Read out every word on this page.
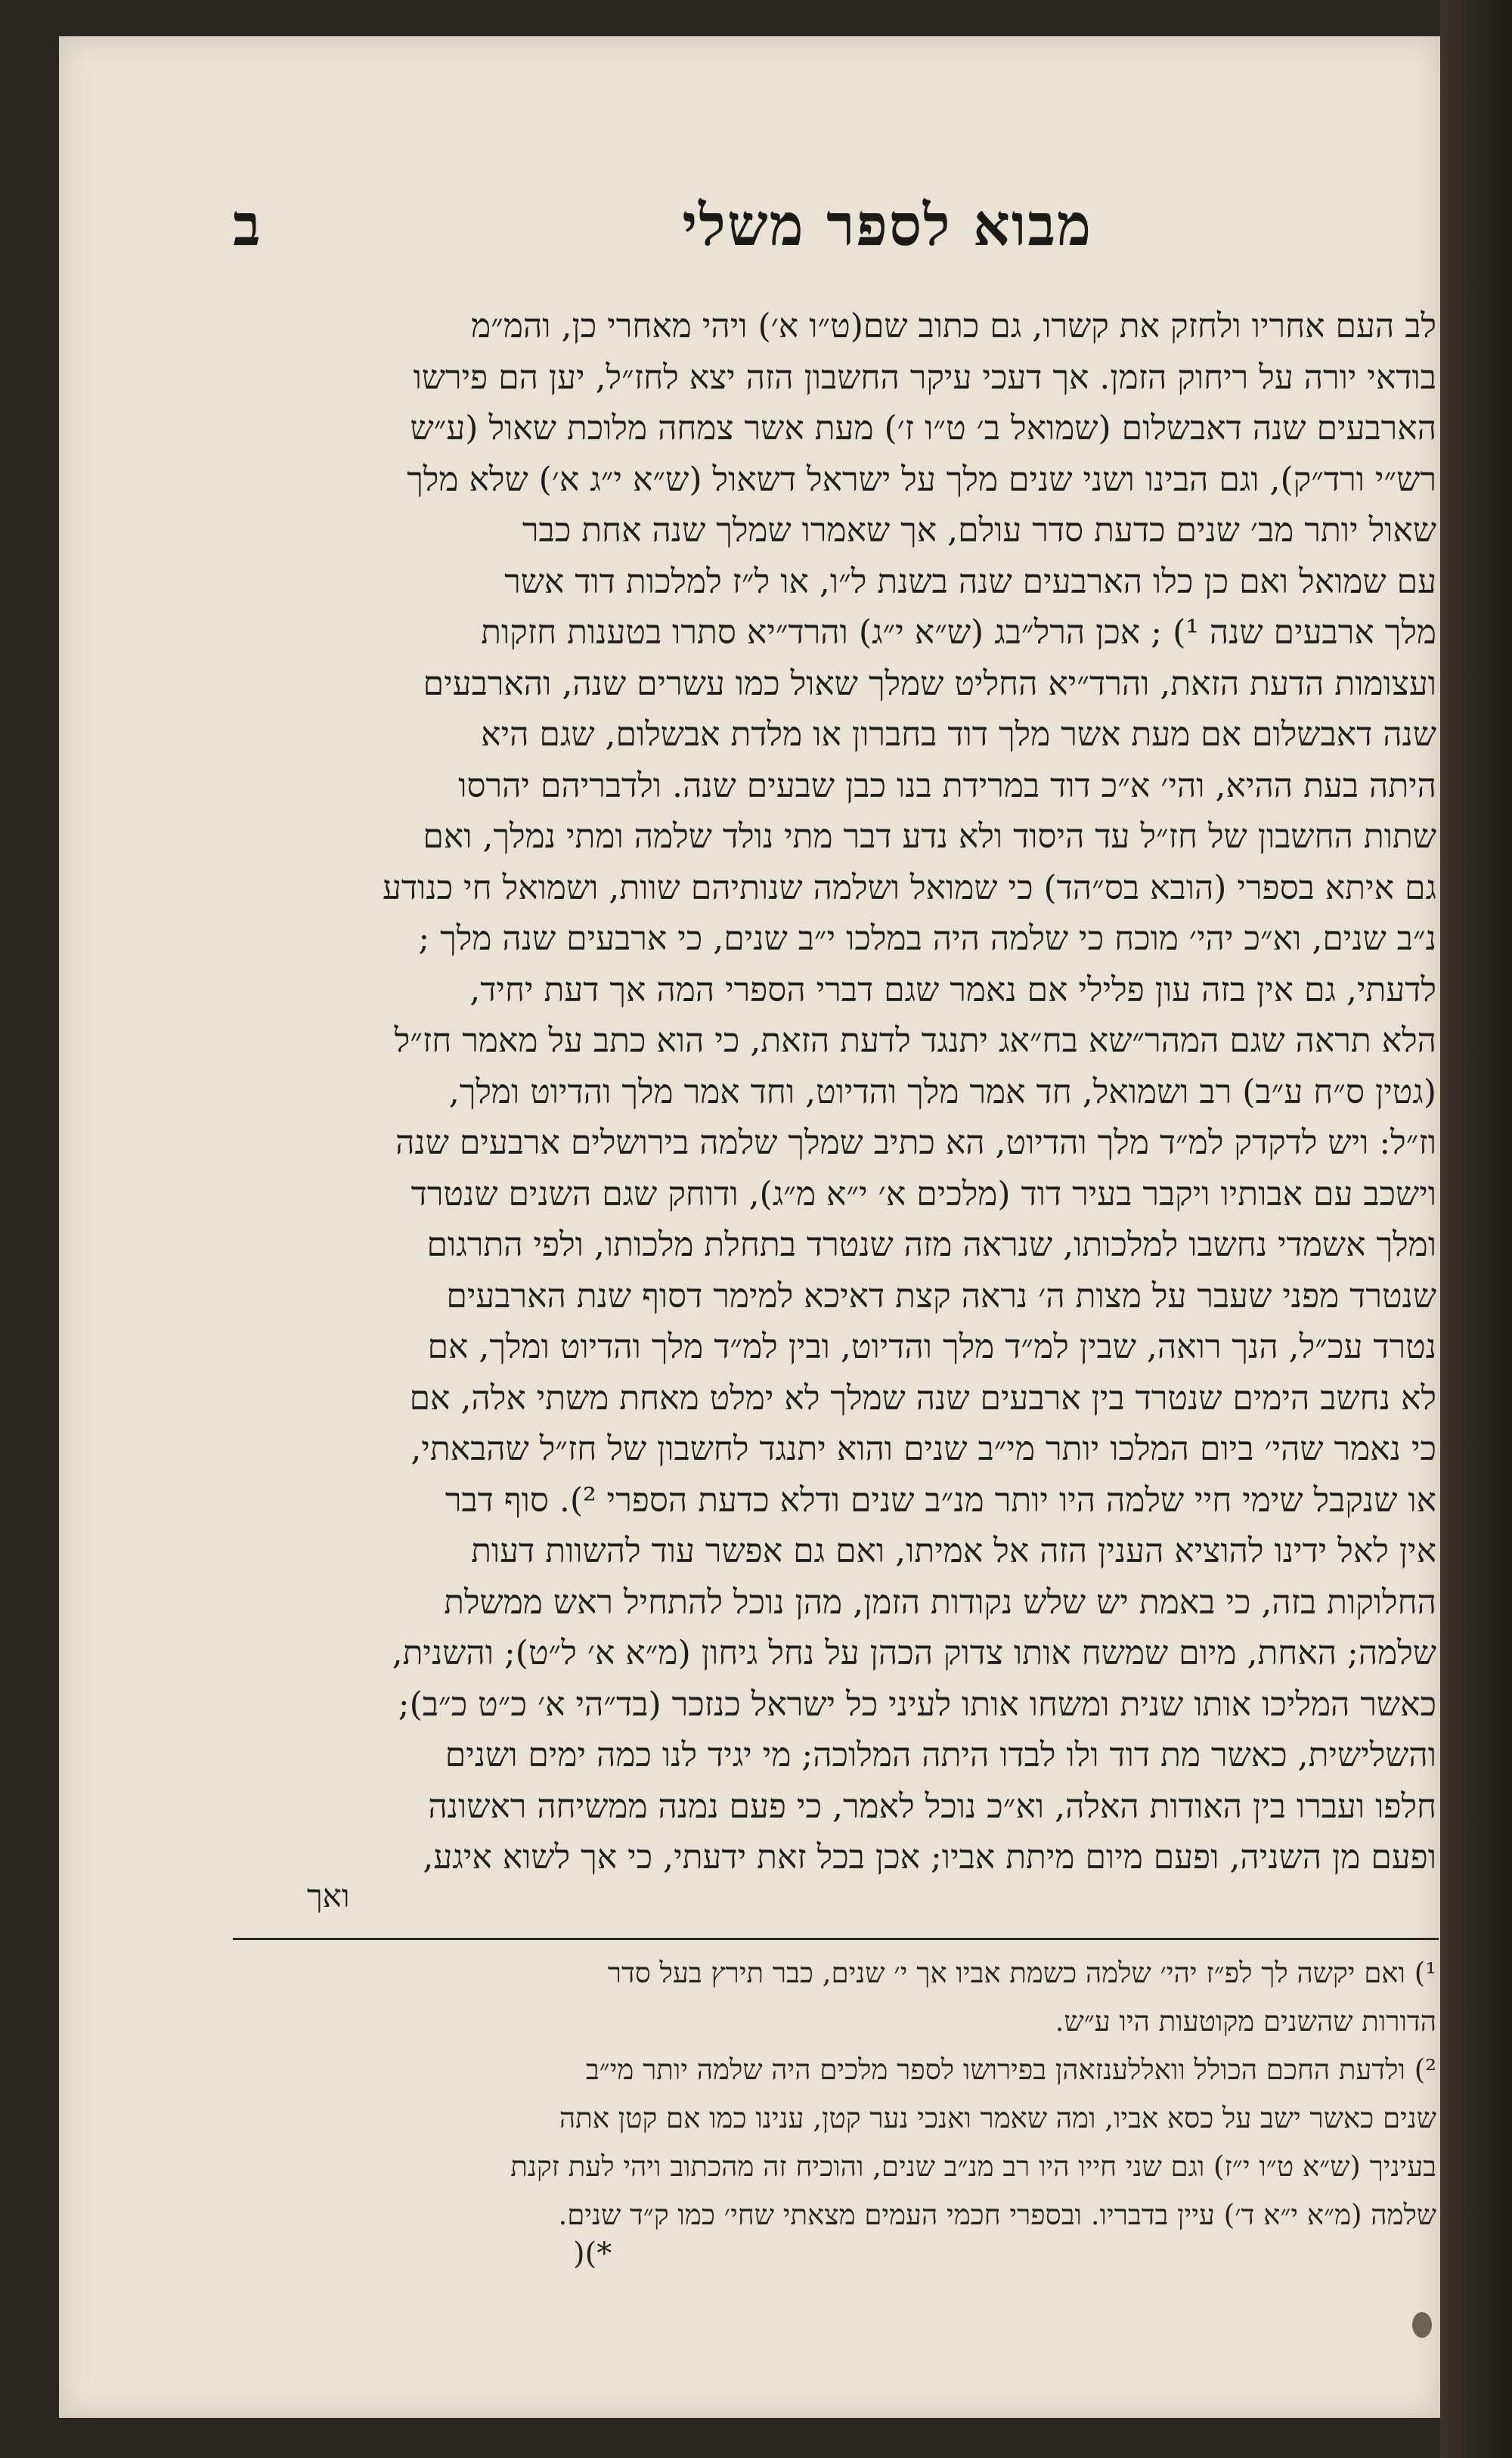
מבוא לספר משלי
ב
לב העם אחריו ולחזק את קשרו, גם כתוב שם(ט״ו א׳) ויהי מאחרי כן, והמ״מ
בודאי יורה על ריחוק הזמן. אך דעכי עיקר החשבון הזה יצא לחז״ל, יען הם פירשו
הארבעים שנה דאבשלום (שמואל ב׳ ט״ו ז׳) מעת אשר צמחה מלוכת שאול (ע״ש
רש״י ורד״ק), וגם הבינו ושני שנים מלך על ישראל דשאול (ש״א י״ג א׳) שלא מלך
שאול יותר מב׳ שנים כדעת סדר עולם, אך שאמרו שמלך שנה אחת כבר
עם שמואל ואם כן כלו הארבעים שנה בשנת ל״ו, או ל״ז למלכות דוד אשר
מלך ארבעים שנה ¹) ; אכן הרל״בג (ש״א י״ג) והרד״יא סתרו בטענות חזקות
ועצומות הדעת הזאת, והרד״יא החליט שמלך שאול כמו עשרים שנה, והארבעים
שנה דאבשלום אם מעת אשר מלך דוד בחברון או מלדת אבשלום, שגם היא
היתה בעת ההיא, והי׳ א״כ דוד במרידת בנו כבן שבעים שנה. ולדבריהם יהרסו
שתות החשבון של חז״ל עד היסוד ולא נדע דבר מתי נולד שלמה ומתי נמלך, ואם
גם איתא בספרי (הובא בס״הד) כי שמואל ושלמה שנותיהם שוות, ושמואל חי כנודע
נ״ב שנים, וא״כ יהי׳ מוכח כי שלמה היה במלכו י״ב שנים, כי ארבעים שנה מלך ;
לדעתי, גם אין בזה עון פלילי אם נאמר שגם דברי הספרי המה אך דעת יחיד,
הלא תראה שגם המהר״שא בח״אג יתנגד לדעת הזאת, כי הוא כתב על מאמר חז״ל
(גטין ס״ח ע״ב) רב ושמואל, חד אמר מלך והדיוט, וחד אמר מלך והדיוט ומלך,
וז״ל: ויש לדקדק למ״ד מלך והדיוט, הא כתיב שמלך שלמה בירושלים ארבעים שנה
וישכב עם אבותיו ויקבר בעיר דוד (מלכים א׳ י״א מ״ג), ודוחק שגם השנים שנטרד
ומלך אשמדי נחשבו למלכותו, שנראה מזה שנטרד בתחלת מלכותו, ולפי התרגום
שנטרד מפני שעבר על מצות ה׳ נראה קצת דאיכא למימר דסוף שנת הארבעים
נטרד עכ״ל, הנך רואה, שבין למ״ד מלך והדיוט, ובין למ״ד מלך והדיוט ומלך, אם
לא נחשב הימים שנטרד בין ארבעים שנה שמלך לא ימלט מאחת משתי אלה, אם
כי נאמר שהי׳ ביום המלכו יותר מי״ב שנים והוא יתנגד לחשבון של חז״ל שהבאתי,
או שנקבל שימי חיי שלמה היו יותר מנ״ב שנים ודלא כדעת הספרי ²). סוף דבר
אין לאל ידינו להוציא הענין הזה אל אמיתו, ואם גם אפשר עוד להשוות דעות
החלוקות בזה, כי באמת יש שלש נקודות הזמן, מהן נוכל להתחיל ראש ממשלת
שלמה; האחת, מיום שמשח אותו צדוק הכהן על נחל גיחון (מ״א א׳ ל״ט); והשנית,
כאשר המליכו אותו שנית ומשחו אותו לעיני כל ישראל כנזכר (בד״הי א׳ כ״ט כ״ב);
והשלישית, כאשר מת דוד ולו לבדו היתה המלוכה; מי יגיד לנו כמה ימים ושנים
חלפו ועברו בין האודות האלה, וא״כ נוכל לאמר, כי פעם נמנה ממשיחה ראשונה
ופעם מן השניה, ופעם מיום מיתת אביו; אכן בכל זאת ידעתי, כי אך לשוא איגע,
ואך
¹) ואם יקשה לך לפ״ז יהי׳ שלמה כשמת אביו אך י׳ שנים, כבר תירץ בעל סדר
הדורות שהשנים מקוטעות היו ע״ש.
²) ולדעת החכם הכולל וואללענזאהן בפירושו לספר מלכים היה שלמה יותר מי״ב
שנים כאשר ישב על כסא אביו, ומה שאמר ואנכי נער קטן, ענינו כמו אם קטן אתה
בעיניך (ש״א ט״ו י״ז) וגם שני חייו היו רב מנ״ב שנים, והוכיח זה מהכתוב ויהי לעת זקנת
שלמה (מ״א י״א ד׳) עיין בדבריו. ובספרי חכמי העמים מצאתי שחי׳ כמו ק״ד שנים.
*)(
